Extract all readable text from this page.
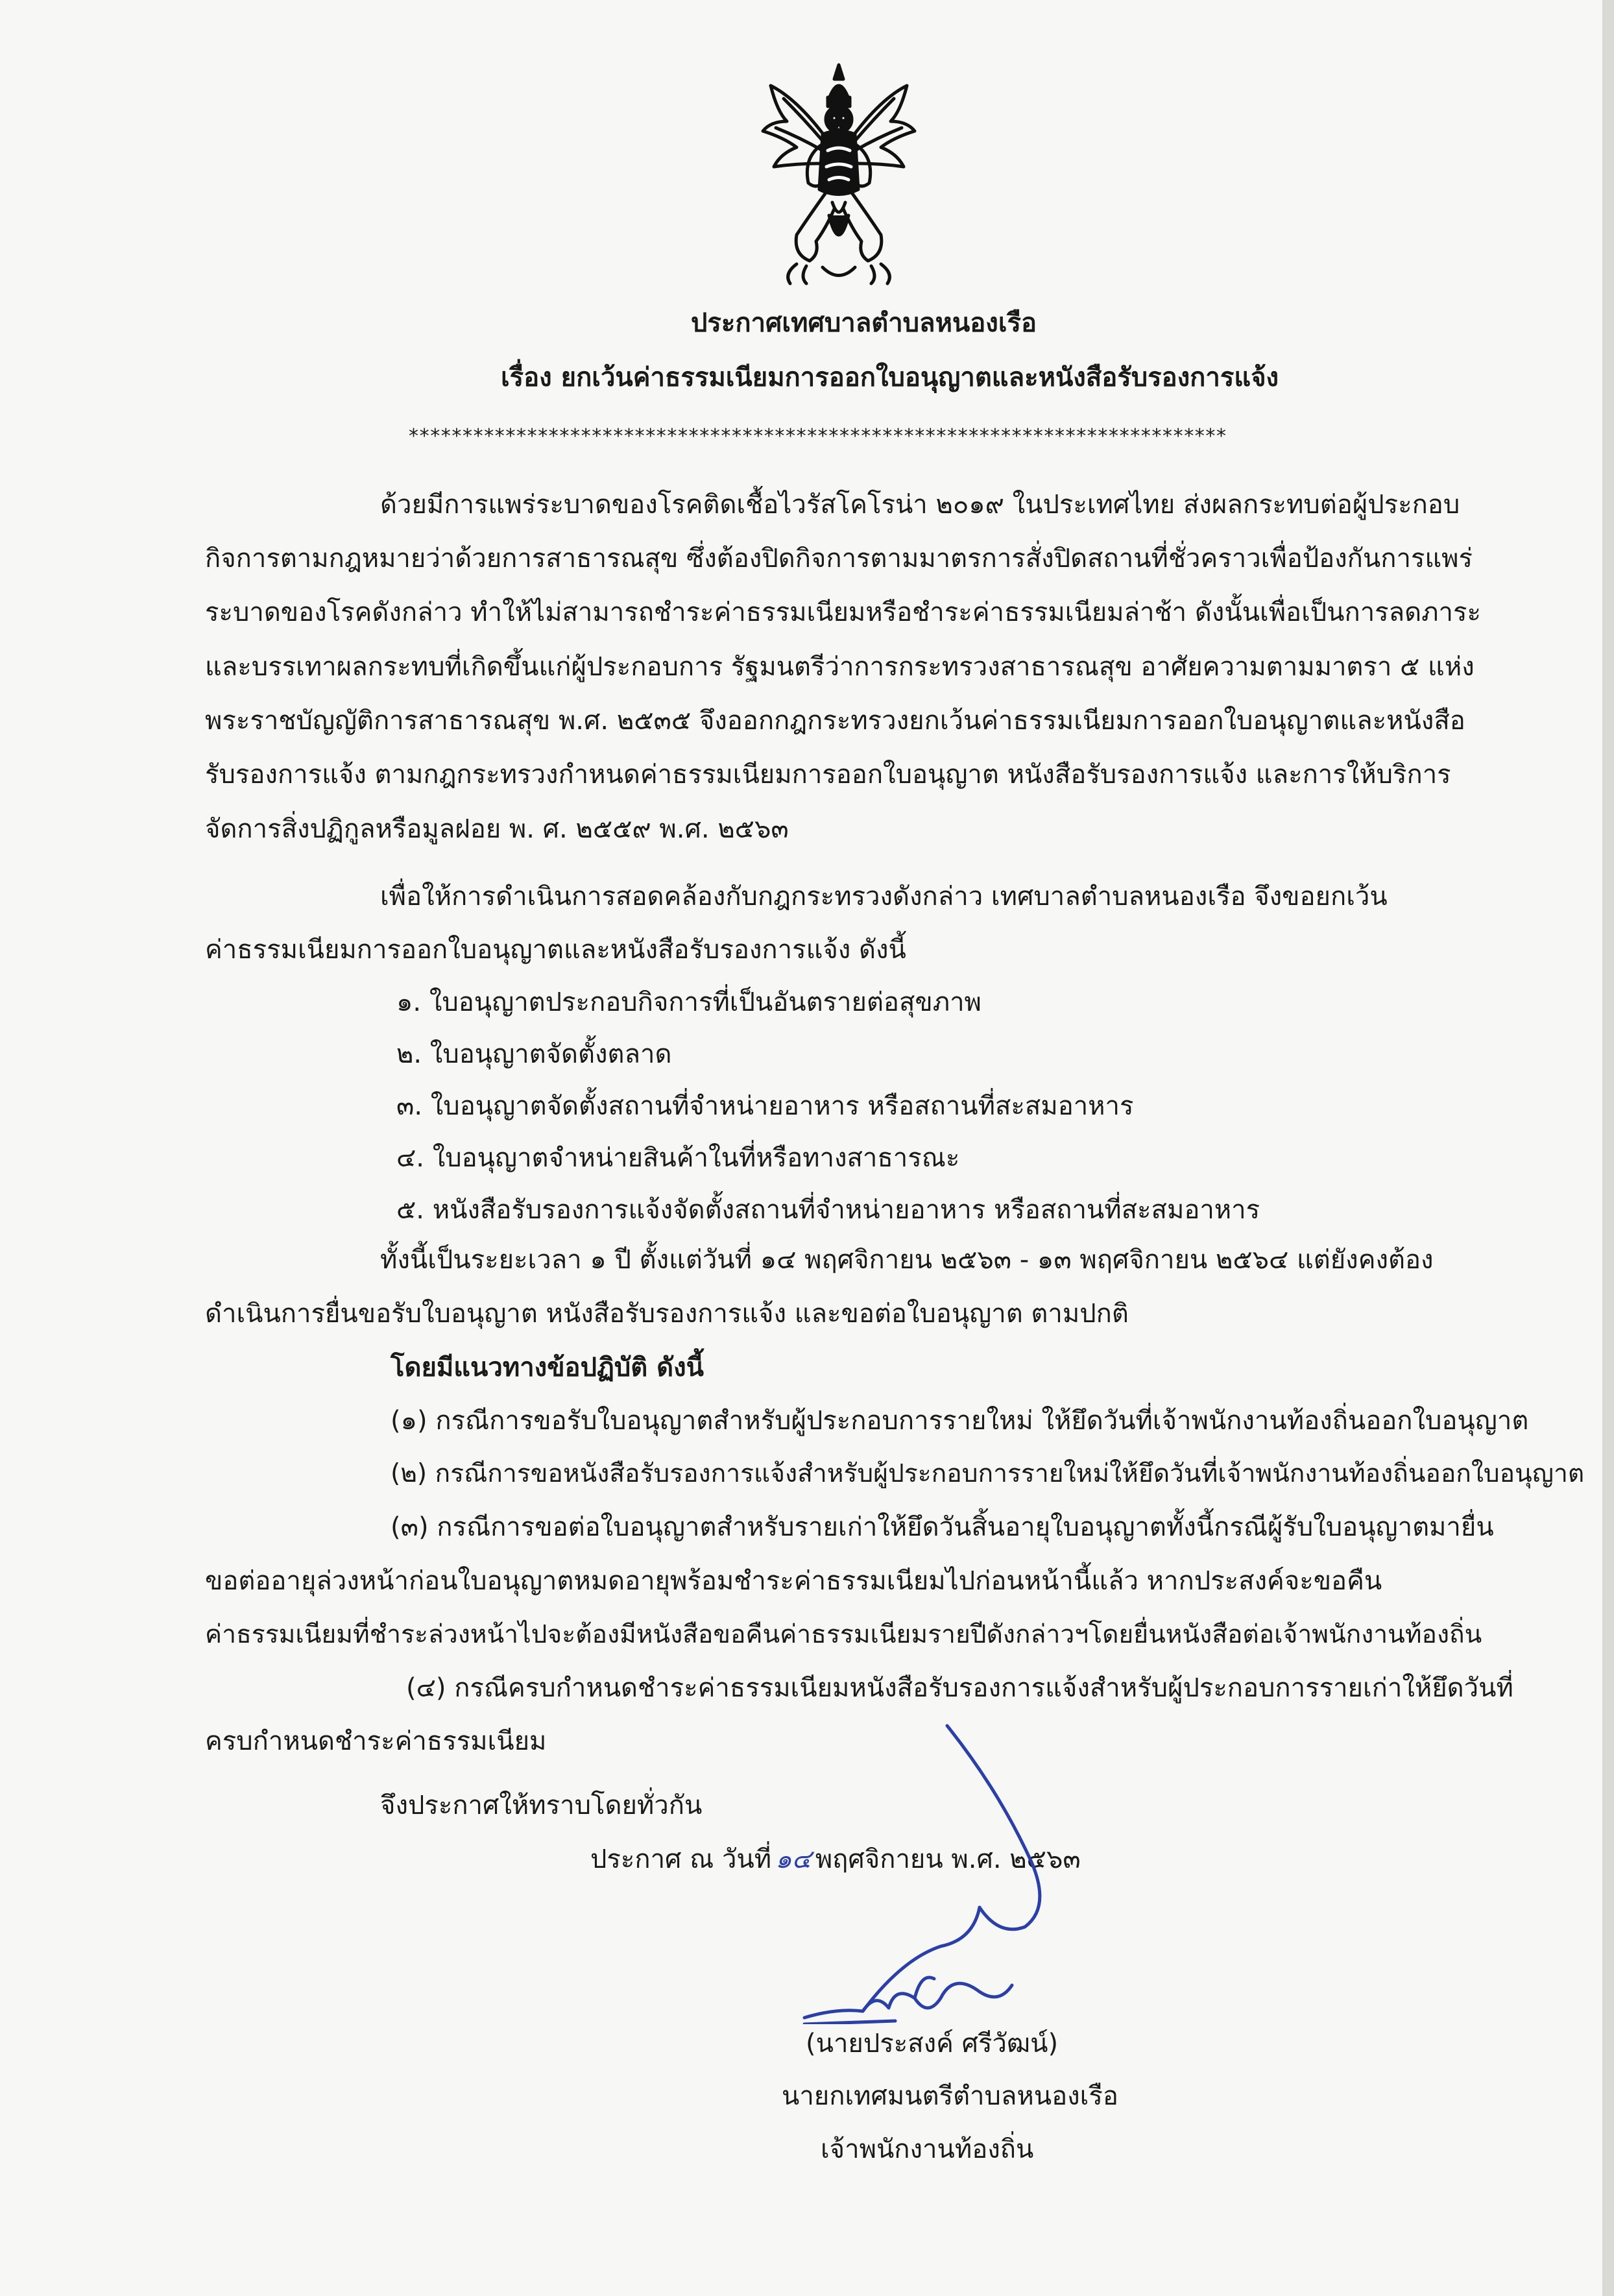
ประกาศเทศบาลตำบลหนองเรือ
เรื่อง ยกเว้นค่าธรรมเนียมการออกใบอนุญาตและหนังสือรับรองการแจ้ง
****************************************************************************
ด้วยมีการแพร่ระบาดของโรคติดเชื้อไวรัสโคโรน่า ๒๐๑๙ ในประเทศไทย ส่งผลกระทบต่อผู้ประกอบ
กิจการตามกฎหมายว่าด้วยการสาธารณสุข ซึ่งต้องปิดกิจการตามมาตรการสั่งปิดสถานที่ชั่วคราวเพื่อป้องกันการแพร่
ระบาดของโรคดังกล่าว ทำให้ไม่สามารถชำระค่าธรรมเนียมหรือชำระค่าธรรมเนียมล่าช้า ดังนั้นเพื่อเป็นการลดภาระ
และบรรเทาผลกระทบที่เกิดขึ้นแก่ผู้ประกอบการ รัฐมนตรีว่าการกระทรวงสาธารณสุข อาศัยความตามมาตรา ๕ แห่ง
พระราชบัญญัติการสาธารณสุข พ.ศ. ๒๕๓๕ จึงออกกฎกระทรวงยกเว้นค่าธรรมเนียมการออกใบอนุญาตและหนังสือ
รับรองการแจ้ง ตามกฎกระทรวงกำหนดค่าธรรมเนียมการออกใบอนุญาต หนังสือรับรองการแจ้ง และการให้บริการ
จัดการสิ่งปฏิกูลหรือมูลฝอย พ. ศ. ๒๕๕๙ พ.ศ. ๒๕๖๓
เพื่อให้การดำเนินการสอดคล้องกับกฎกระทรวงดังกล่าว เทศบาลตำบลหนองเรือ จึงขอยกเว้น
ค่าธรรมเนียมการออกใบอนุญาตและหนังสือรับรองการแจ้ง ดังนี้
๑. ใบอนุญาตประกอบกิจการที่เป็นอันตรายต่อสุขภาพ
๒. ใบอนุญาตจัดตั้งตลาด
๓. ใบอนุญาตจัดตั้งสถานที่จำหน่ายอาหาร หรือสถานที่สะสมอาหาร
๔. ใบอนุญาตจำหน่ายสินค้าในที่หรือทางสาธารณะ
๕. หนังสือรับรองการแจ้งจัดตั้งสถานที่จำหน่ายอาหาร หรือสถานที่สะสมอาหาร
ทั้งนี้เป็นระยะเวลา ๑ ปี ตั้งแต่วันที่ ๑๔ พฤศจิกายน ๒๕๖๓ - ๑๓ พฤศจิกายน ๒๕๖๔ แต่ยังคงต้อง
ดำเนินการยื่นขอรับใบอนุญาต หนังสือรับรองการแจ้ง และขอต่อใบอนุญาต ตามปกติ
โดยมีแนวทางข้อปฏิบัติ ดังนี้
(๑) กรณีการขอรับใบอนุญาตสำหรับผู้ประกอบการรายใหม่ ให้ยึดวันที่เจ้าพนักงานท้องถิ่นออกใบอนุญาต
(๒) กรณีการขอหนังสือรับรองการแจ้งสำหรับผู้ประกอบการรายใหม่ให้ยึดวันที่เจ้าพนักงานท้องถิ่นออกใบอนุญาต
(๓) กรณีการขอต่อใบอนุญาตสำหรับรายเก่าให้ยึดวันสิ้นอายุใบอนุญาตทั้งนี้กรณีผู้รับใบอนุญาตมายื่น
ขอต่ออายุล่วงหน้าก่อนใบอนุญาตหมดอายุพร้อมชำระค่าธรรมเนียมไปก่อนหน้านี้แล้ว หากประสงค์จะขอคืน
ค่าธรรมเนียมที่ชำระล่วงหน้าไปจะต้องมีหนังสือขอคืนค่าธรรมเนียมรายปีดังกล่าวฯโดยยื่นหนังสือต่อเจ้าพนักงานท้องถิ่น
(๔) กรณีครบกำหนดชำระค่าธรรมเนียมหนังสือรับรองการแจ้งสำหรับผู้ประกอบการรายเก่าให้ยึดวันที่
ครบกำหนดชำระค่าธรรมเนียม
จึงประกาศให้ทราบโดยทั่วกัน
ประกาศ ณ วันที่ ๑๔ พฤศจิกายน พ.ศ. ๒๕๖๓
(นายประสงค์ ศรีวัฒน์)
นายกเทศมนตรีตำบลหนองเรือ
เจ้าพนักงานท้องถิ่น
